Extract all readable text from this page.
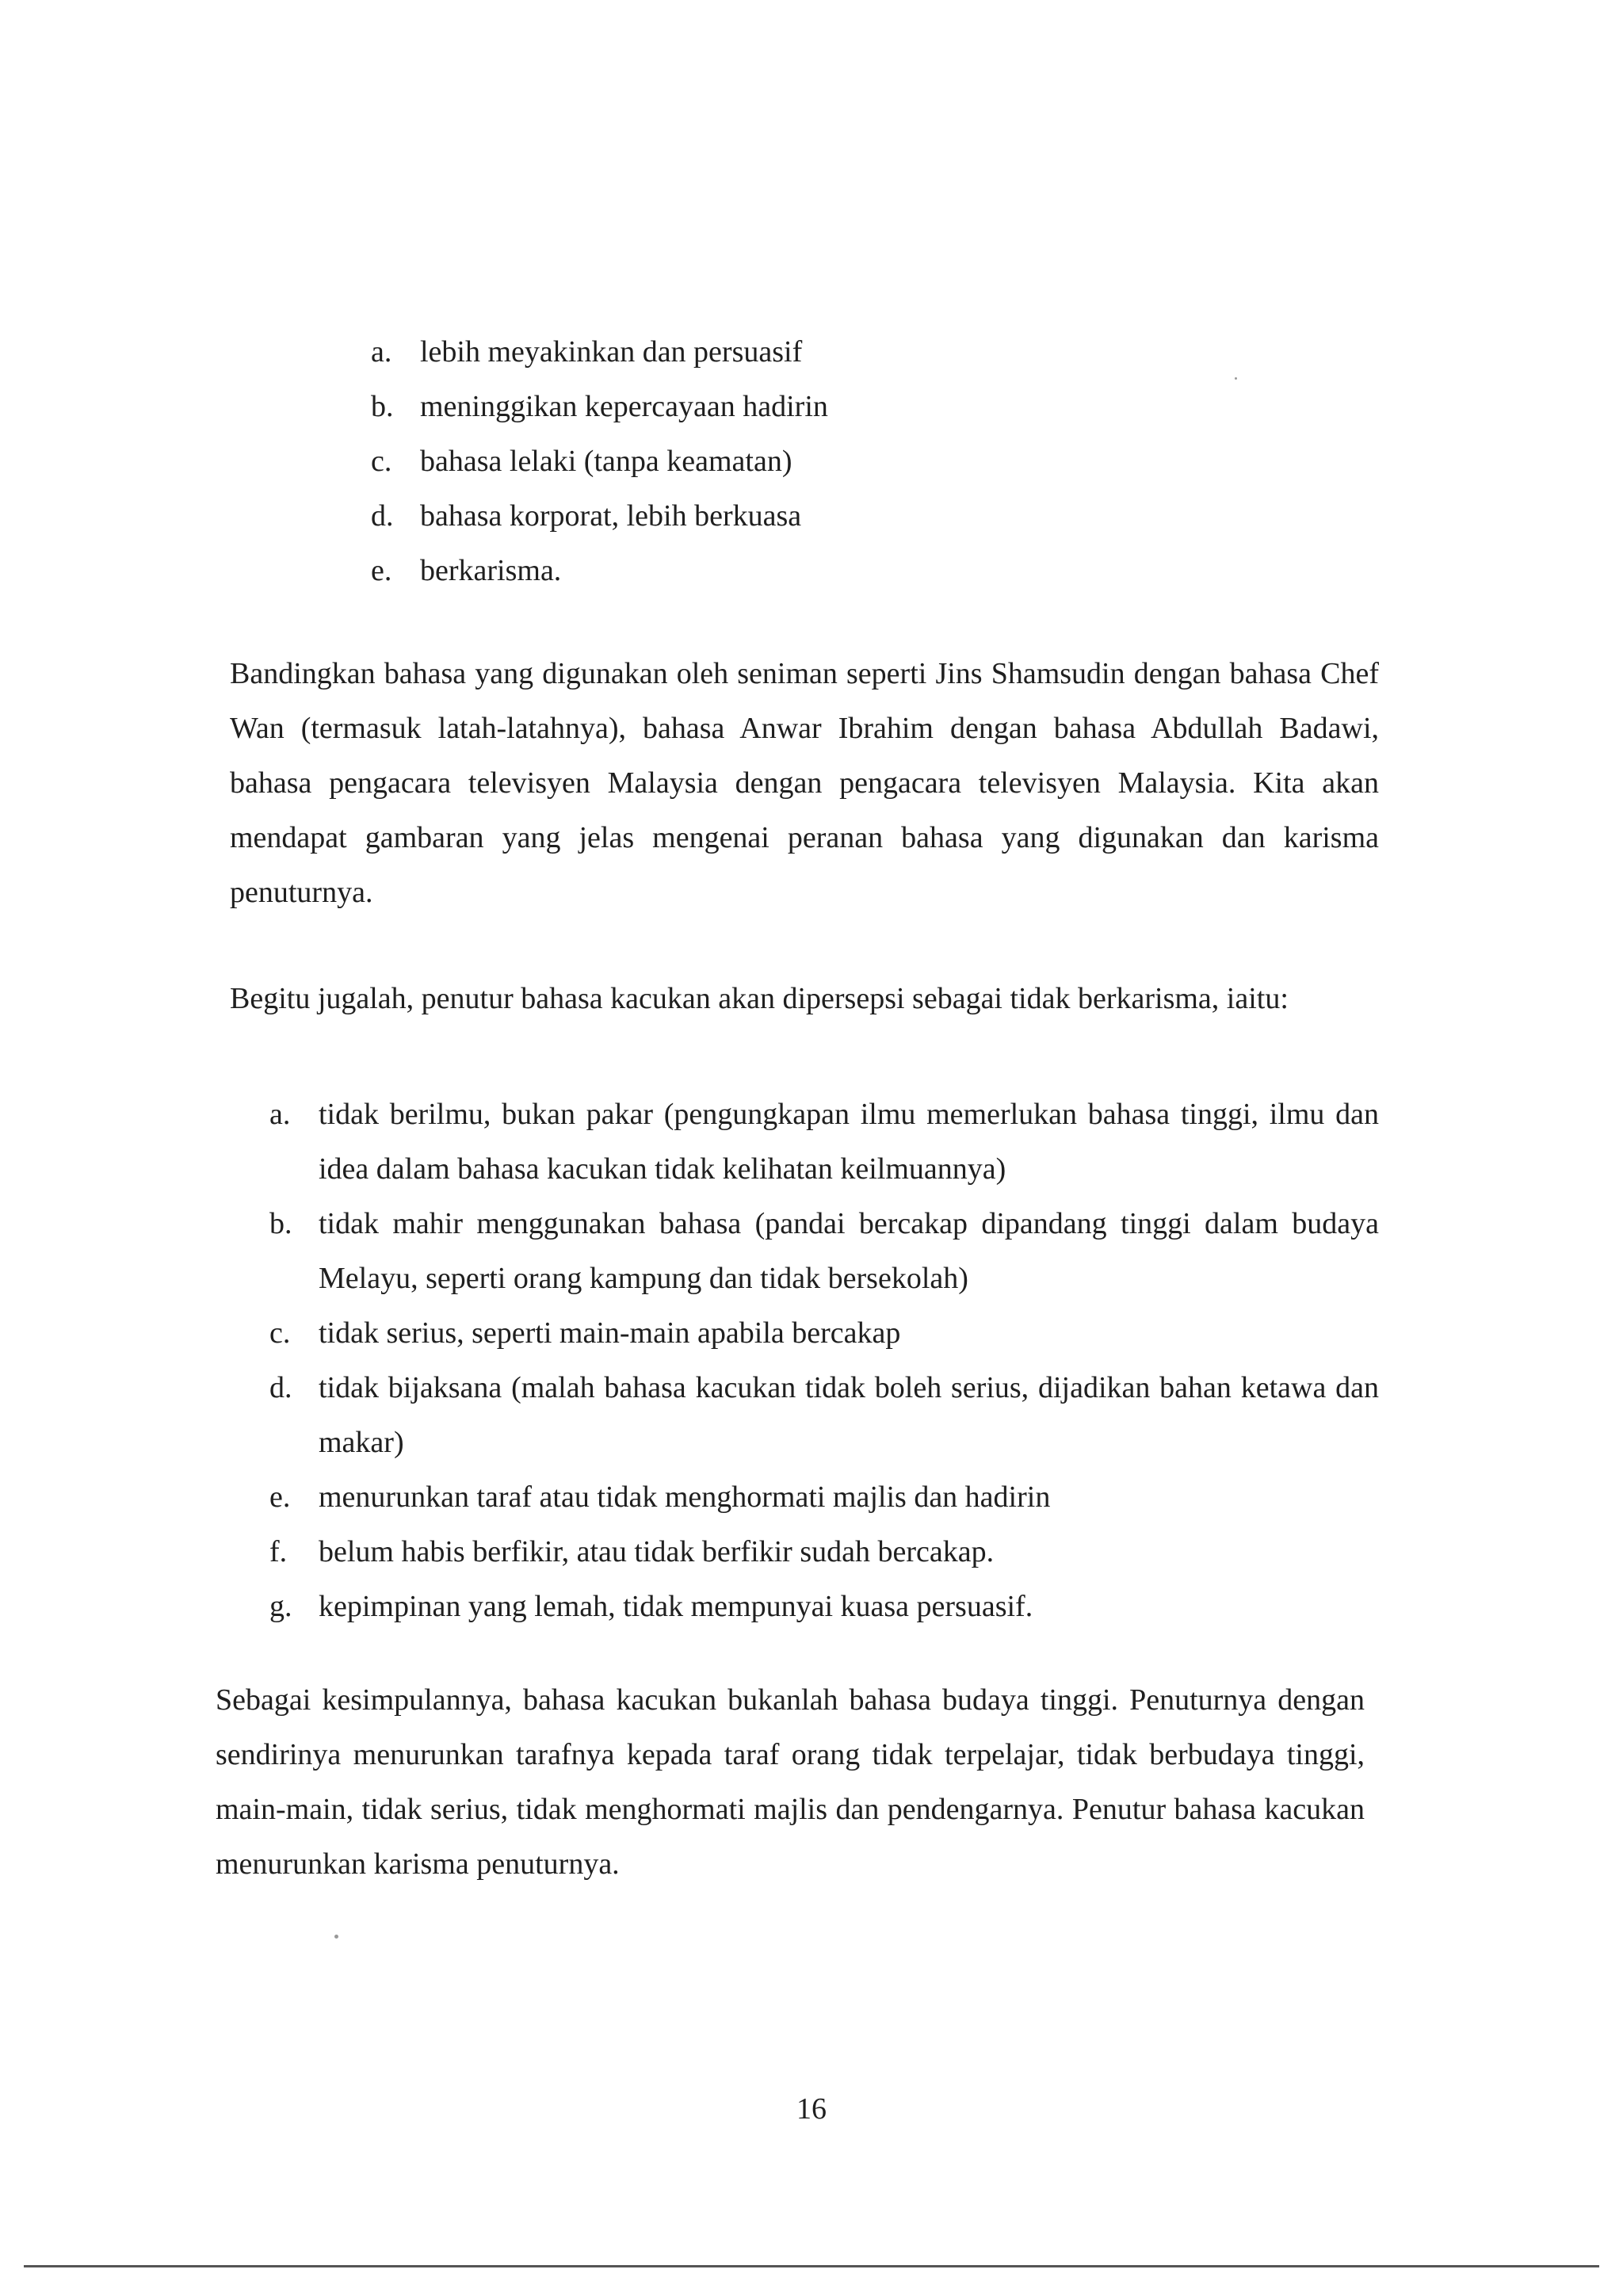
a. lebih meyakinkan dan persuasif
b. meninggikan kepercayaan hadirin
c. bahasa lelaki (tanpa keamatan)
d. bahasa korporat, lebih berkuasa
e. berkarisma.

Bandingkan bahasa yang digunakan oleh seniman seperti Jins Shamsudin dengan bahasa Chef Wan (termasuk latah-latahnya), bahasa Anwar Ibrahim dengan bahasa Abdullah Badawi, bahasa pengacara televisyen Malaysia dengan pengacara televisyen Malaysia. Kita akan mendapat gambaran yang jelas mengenai peranan bahasa yang digunakan dan karisma penuturnya.

Begitu jugalah, penutur bahasa kacukan akan dipersepsi sebagai tidak berkarisma, iaitu:

a. tidak berilmu, bukan pakar (pengungkapan ilmu memerlukan bahasa tinggi, ilmu dan idea dalam bahasa kacukan tidak kelihatan keilmuannya)
b. tidak mahir menggunakan bahasa (pandai bercakap dipandang tinggi dalam budaya Melayu, seperti orang kampung dan tidak bersekolah)
c. tidak serius, seperti main-main apabila bercakap
d. tidak bijaksana (malah bahasa kacukan tidak boleh serius, dijadikan bahan ketawa dan makar)
e. menurunkan taraf atau tidak menghormati majlis dan hadirin
f.	belum habis berfikir, atau tidak berfikir sudah bercakap.
g. kepimpinan yang lemah, tidak mempunyai kuasa persuasif.

Sebagai kesimpulannya, bahasa kacukan bukanlah bahasa budaya tinggi. Penuturnya dengan sendirinya menurunkan tarafnya kepada taraf orang tidak terpelajar, tidak berbudaya tinggi, main-main, tidak serius, tidak menghormati majlis dan pendengarnya. Penutur bahasa kacukan menurunkan karisma penuturnya.

16
